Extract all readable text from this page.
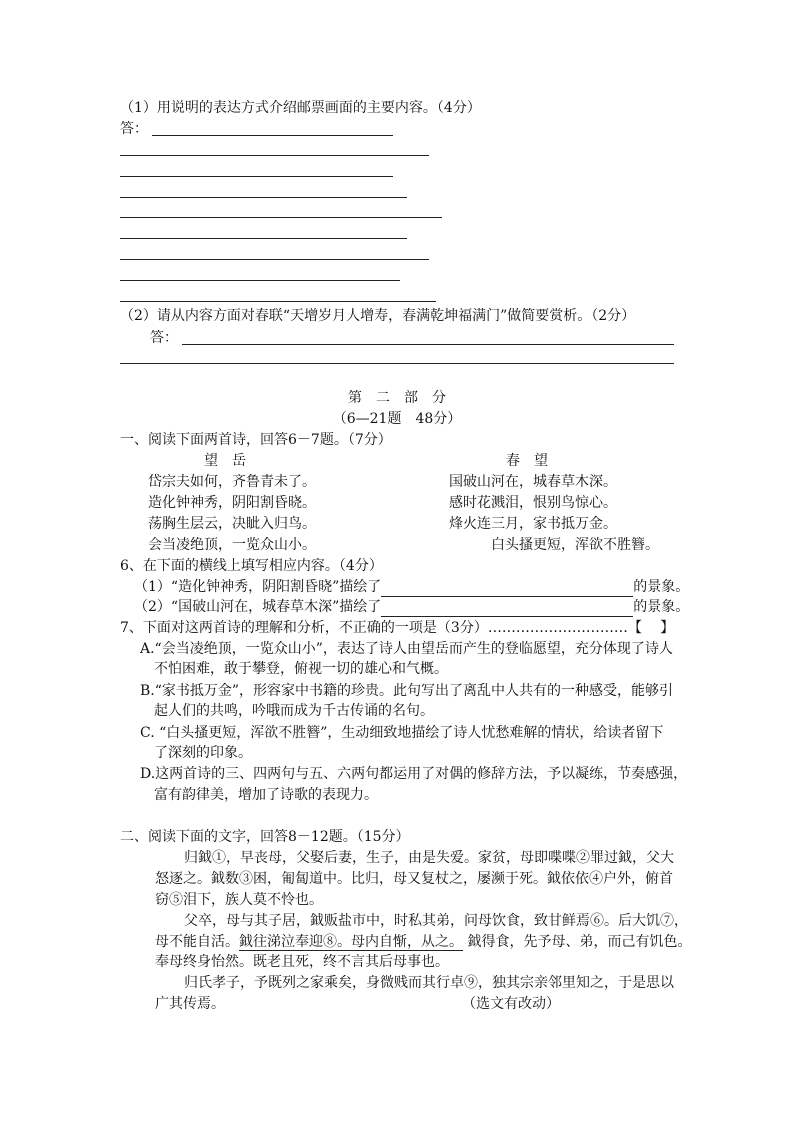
（1）用说明的表达方式介绍邮票画面的主要内容。（4分）
答：
（2）请从内容方面对春联“天增岁月人增寿，春满乾坤福满门”做简要赏析。（2分）
答：
第　二　部　分
（6—21题　48分）
一、阅读下面两首诗，回答6－7题。（7分）
望　岳	春　望
岱宗夫如何，齐鲁青未了。
造化钟神秀，阴阳割昏晓。
荡胸生层云，决眦入归鸟。
会当凌绝顶，一览众山小。
国破山河在，城春草木深。
感时花溅泪，恨别鸟惊心。
烽火连三月，家书抵万金。
白头搔更短，浑欲不胜簪。
6、在下面的横线上填写相应内容。（4分）
（1）“造化钟神秀，阴阳割昏晓”描绘了	的景象。
（2）“国破山河在，城春草木深”描绘了	的景象。
7、下面对这两首诗的理解和分析，不正确的一项是（3分）…………………………【　 】
A.“会当凌绝顶，一览众山小”，表达了诗人由望岳而产生的登临愿望，充分体现了诗人
不怕困难，敢于攀登，俯视一切的雄心和气概。
B.“家书抵万金”，形容家中书籍的珍贵。此句写出了离乱中人共有的一种感受，能够引
起人们的共鸣，吟哦而成为千古传诵的名句。
C. “白头搔更短，浑欲不胜簪”，生动细致地描绘了诗人忧愁难解的情状，给读者留下
了深刻的印象。
D.这两首诗的三、四两句与五、六两句都运用了对偶的修辞方法，予以凝练，节奏感强，
富有韵律美，增加了诗歌的表现力。
二、阅读下面的文字，回答8－12题。（15分）
归鉞①，早丧母，父娶后妻，生子，由是失爱。家贫，母即喋喋②罪过鉞，父大
怒逐之。鉞数③困，匍匐道中。比归，母又复杖之，屡濒于死。鉞依依④户外，俯首
窃⑤泪下，族人莫不怜也。
父卒，母与其子居，鉞贩盐市中，时私其弟，问母饮食，致甘鲜焉⑥。后大饥⑦，
母不能自活。鉞往涕泣奉迎⑧。母内自惭，从之。 鉞得食，先予母、弟，而己有饥色。
奉母终身怡然。既老且死，终不言其后母事也。
归氏孝子，予既列之家乘矣，身微贱而其行卓⑨，独其宗亲邻里知之，于是思以
广其传焉。	（选文有改动）
